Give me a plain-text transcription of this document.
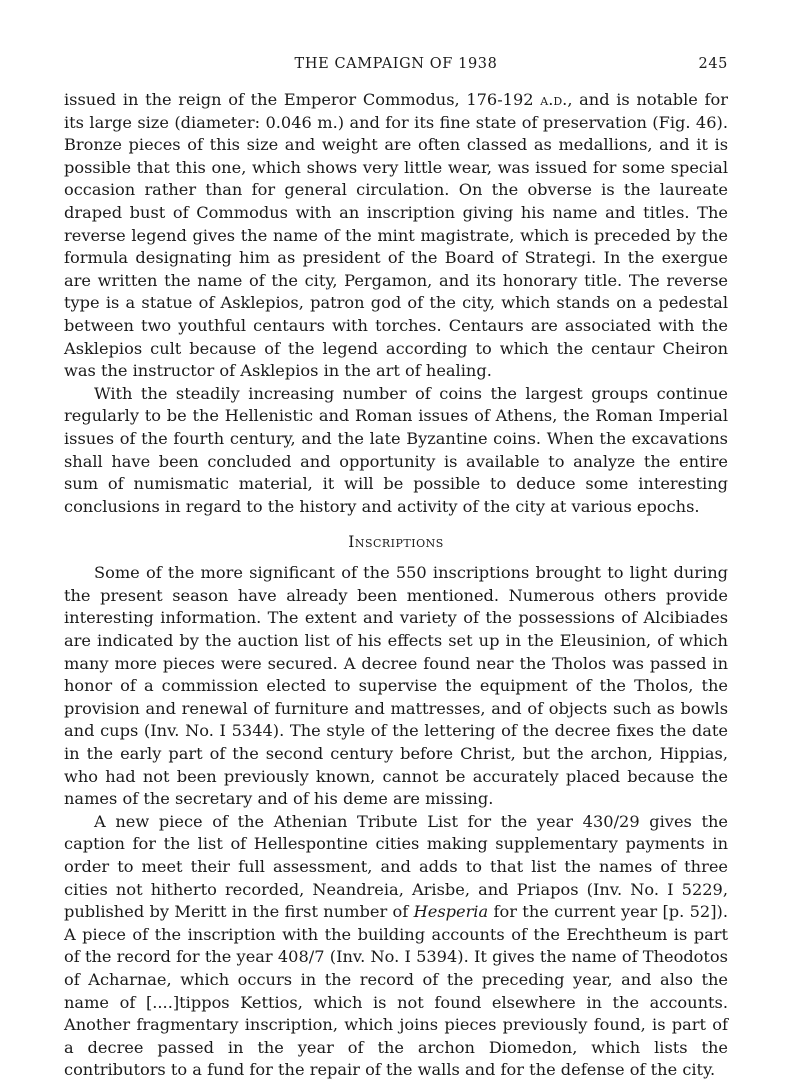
THE CAMPAIGN OF 1938	245

issued in the reign of the Emperor Commodus, 176-192 a.d., and is notable for its large size (diameter: 0.046 m.) and for its fine state of preservation (Fig. 46). Bronze pieces of this size and weight are often classed as medallions, and it is possible that this one, which shows very little wear, was issued for some special occasion rather than for general circulation. On the obverse is the laureate draped bust of Commodus with an inscription giving his name and titles. The reverse legend gives the name of the mint magistrate, which is preceded by the formula designating him as president of the Board of Strategi. In the exergue are written the name of the city, Pergamon, and its honorary title. The reverse type is a statue of Asklepios, patron god of the city, which stands on a pedestal between two youthful centaurs with torches. Centaurs are associated with the Asklepios cult because of the legend according to which the centaur Cheiron was the instructor of Asklepios in the art of healing.

With the steadily increasing number of coins the largest groups continue regularly to be the Hellenistic and Roman issues of Athens, the Roman Imperial issues of the fourth century, and the late Byzantine coins. When the excavations shall have been concluded and opportunity is available to analyze the entire sum of numismatic material, it will be possible to deduce some interesting conclusions in regard to the history and activity of the city at various epochs.

Inscriptions

Some of the more significant of the 550 inscriptions brought to light during the present season have already been mentioned. Numerous others provide interesting information. The extent and variety of the possessions of Alcibiades are indicated by the auction list of his effects set up in the Eleusinion, of which many more pieces were secured. A decree found near the Tholos was passed in honor of a commission elected to supervise the equipment of the Tholos, the provision and renewal of furniture and mattresses, and of objects such as bowls and cups (Inv. No. I 5344). The style of the lettering of the decree fixes the date in the early part of the second century before Christ, but the archon, Hippias, who had not been previously known, cannot be accurately placed because the names of the secretary and of his deme are missing.

A new piece of the Athenian Tribute List for the year 430/29 gives the caption for the list of Hellespontine cities making supplementary payments in order to meet their full assessment, and adds to that list the names of three cities not hitherto recorded, Neandreia, Arisbe, and Priapos (Inv. No. I 5229, published by Meritt in the first number of Hesperia for the current year [p. 52]). A piece of the inscription with the building accounts of the Erechtheum is part of the record for the year 408/7 (Inv. No. I 5394). It gives the name of Theodotos of Acharnae, which occurs in the record of the preceding year, and also the name of [....]tippos Kettios, which is not found elsewhere in the accounts. Another fragmentary inscription, which joins pieces previously found, is part of a decree passed in the year of the archon Diomedon, which lists the contributors to a fund for the repair of the walls and for the defense of the city.
